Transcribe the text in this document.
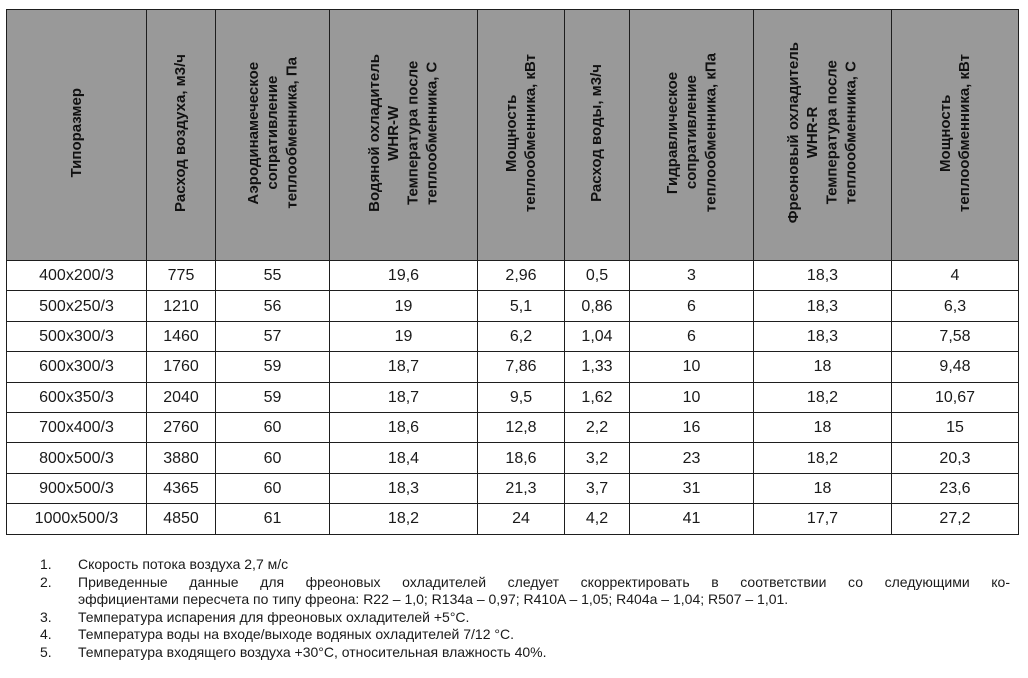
Типоразмер	Расход воздуха, м3/ч	Аэродинамеческое
сопративление
теплообменника, Па	Водяной охладитель
WHR-W
Температура после
теплообменника, С	Мощность
теплообменника, кВт	Расход воды, м3/ч	Гидравлическое
сопративление
теплообменника, кПа	Фреоновый охладитель
WHR-R
Температура после
теплообменника, С	Мощность
теплообменника, кВт
400х200/3	775	55	19,6	2,96	0,5	3	18,3	4
500х250/3	1210	56	19	5,1	0,86	6	18,3	6,3
500х300/3	1460	57	19	6,2	1,04	6	18,3	7,58
600х300/3	1760	59	18,7	7,86	1,33	10	18	9,48
600х350/3	2040	59	18,7	9,5	1,62	10	18,2	10,67
700х400/3	2760	60	18,6	12,8	2,2	16	18	15
800х500/3	3880	60	18,4	18,6	3,2	23	18,2	20,3
900х500/3	4365	60	18,3	21,3	3,7	31	18	23,6
1000х500/3	4850	61	18,2	24	4,2	41	17,7	27,2
1. Скорость потока воздуха 2,7 м/с
2. Приведенные данные для фреоновых охладителей следует скорректировать в соответствии со следующими ко-
эффициентами пересчета по типу фреона: R22 – 1,0; R134a – 0,97; R410A – 1,05; R404a – 1,04; R507 – 1,01.
3. Температура испарения для фреоновых охладителей +5°С.
4. Температура воды на входе/выходе водяных охладителей 7/12 °С.
5. Температура входящего воздуха +30°С, относительная влажность 40%.
